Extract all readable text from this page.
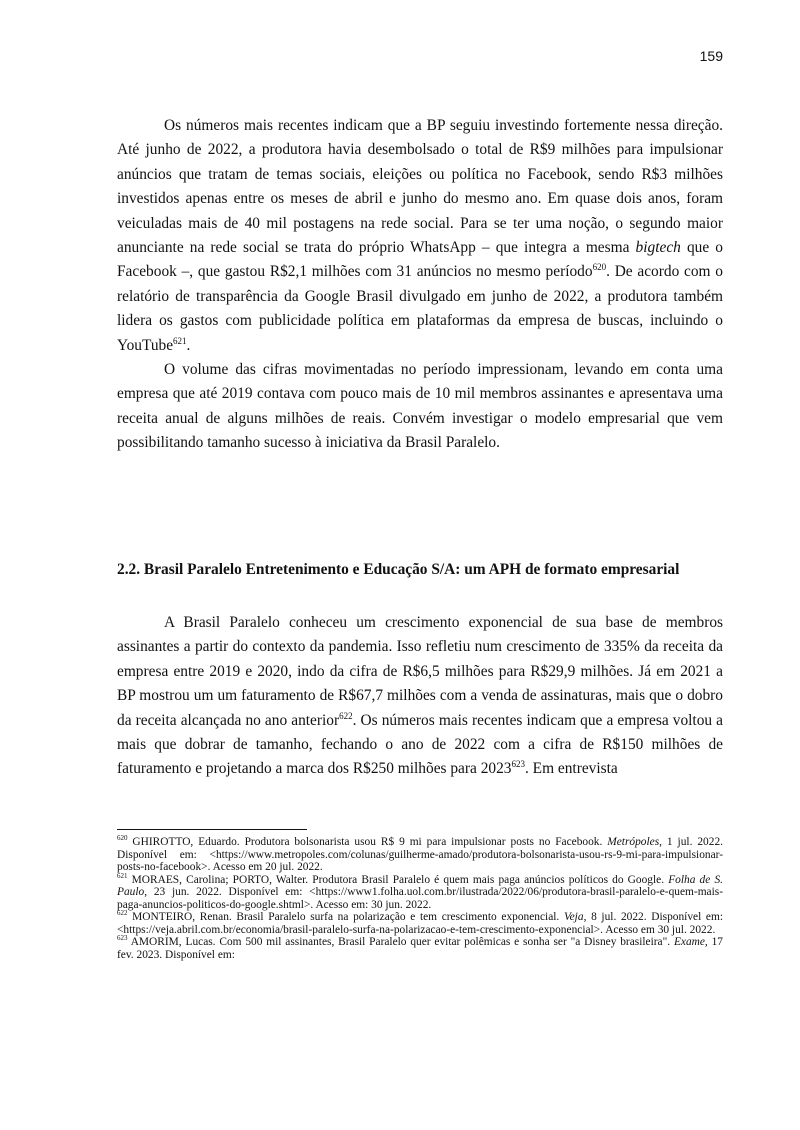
159

Os números mais recentes indicam que a BP seguiu investindo fortemente nessa direção. Até junho de 2022, a produtora havia desembolsado o total de R$9 milhões para impulsionar anúncios que tratam de temas sociais, eleições ou política no Facebook, sendo R$3 milhões investidos apenas entre os meses de abril e junho do mesmo ano. Em quase dois anos, foram veiculadas mais de 40 mil postagens na rede social. Para se ter uma noção, o segundo maior anunciante na rede social se trata do próprio WhatsApp – que integra a mesma bigtech que o Facebook –, que gastou R$2,1 milhões com 31 anúncios no mesmo período$^{620}$. De acordo com o relatório de transparência da Google Brasil divulgado em junho de 2022, a produtora também lidera os gastos com publicidade política em plataformas da empresa de buscas, incluindo o YouTube$^{621}$.

O volume das cifras movimentadas no período impressionam, levando em conta uma empresa que até 2019 contava com pouco mais de 10 mil membros assinantes e apresentava uma receita anual de alguns milhões de reais. Convém investigar o modelo empresarial que vem possibilitando tamanho sucesso à iniciativa da Brasil Paralelo.

2.2. Brasil Paralelo Entretenimento e Educação S/A: um APH de formato empresarial

A Brasil Paralelo conheceu um crescimento exponencial de sua base de membros assinantes a partir do contexto da pandemia. Isso refletiu num crescimento de 335% da receita da empresa entre 2019 e 2020, indo da cifra de R$6,5 milhões para R$29,9 milhões. Já em 2021 a BP mostrou um um faturamento de R$67,7 milhões com a venda de assinaturas, mais que o dobro da receita alcançada no ano anterior$^{622}$. Os números mais recentes indicam que a empresa voltou a mais que dobrar de tamanho, fechando o ano de 2022 com a cifra de R$150 milhões de faturamento e projetando a marca dos R$250 milhões para 2023$^{623}$. Em entrevista

$^{620}$ GHIROTTO, Eduardo. Produtora bolsonarista usou R$ 9 mi para impulsionar posts no Facebook. Metrópoles, 1 jul. 2022. Disponível em: <https://www.metropoles.com/colunas/guilherme-amado/produtora-bolsonarista-usou-rs-9-mi-para-impulsionar-posts-no-facebook>. Acesso em 20 jul. 2022.

$^{621}$ MORAES, Carolina; PORTO, Walter. Produtora Brasil Paralelo é quem mais paga anúncios políticos do Google. Folha de S. Paulo, 23 jun. 2022. Disponível em: <https://www1.folha.uol.com.br/ilustrada/2022/06/produtora-brasil-paralelo-e-quem-mais-paga-anuncios-politicos-do-google.shtml>. Acesso em: 30 jun. 2022.

$^{622}$ MONTEIRO, Renan. Brasil Paralelo surfa na polarização e tem crescimento exponencial. Veja, 8 jul. 2022. Disponível em: <https://veja.abril.com.br/economia/brasil-paralelo-surfa-na-polarizacao-e-tem-crescimento-exponencial>. Acesso em 30 jul. 2022.

$^{623}$ AMORIM, Lucas. Com 500 mil assinantes, Brasil Paralelo quer evitar polêmicas e sonha ser "a Disney brasileira". Exame, 17 fev. 2023. Disponível em:
